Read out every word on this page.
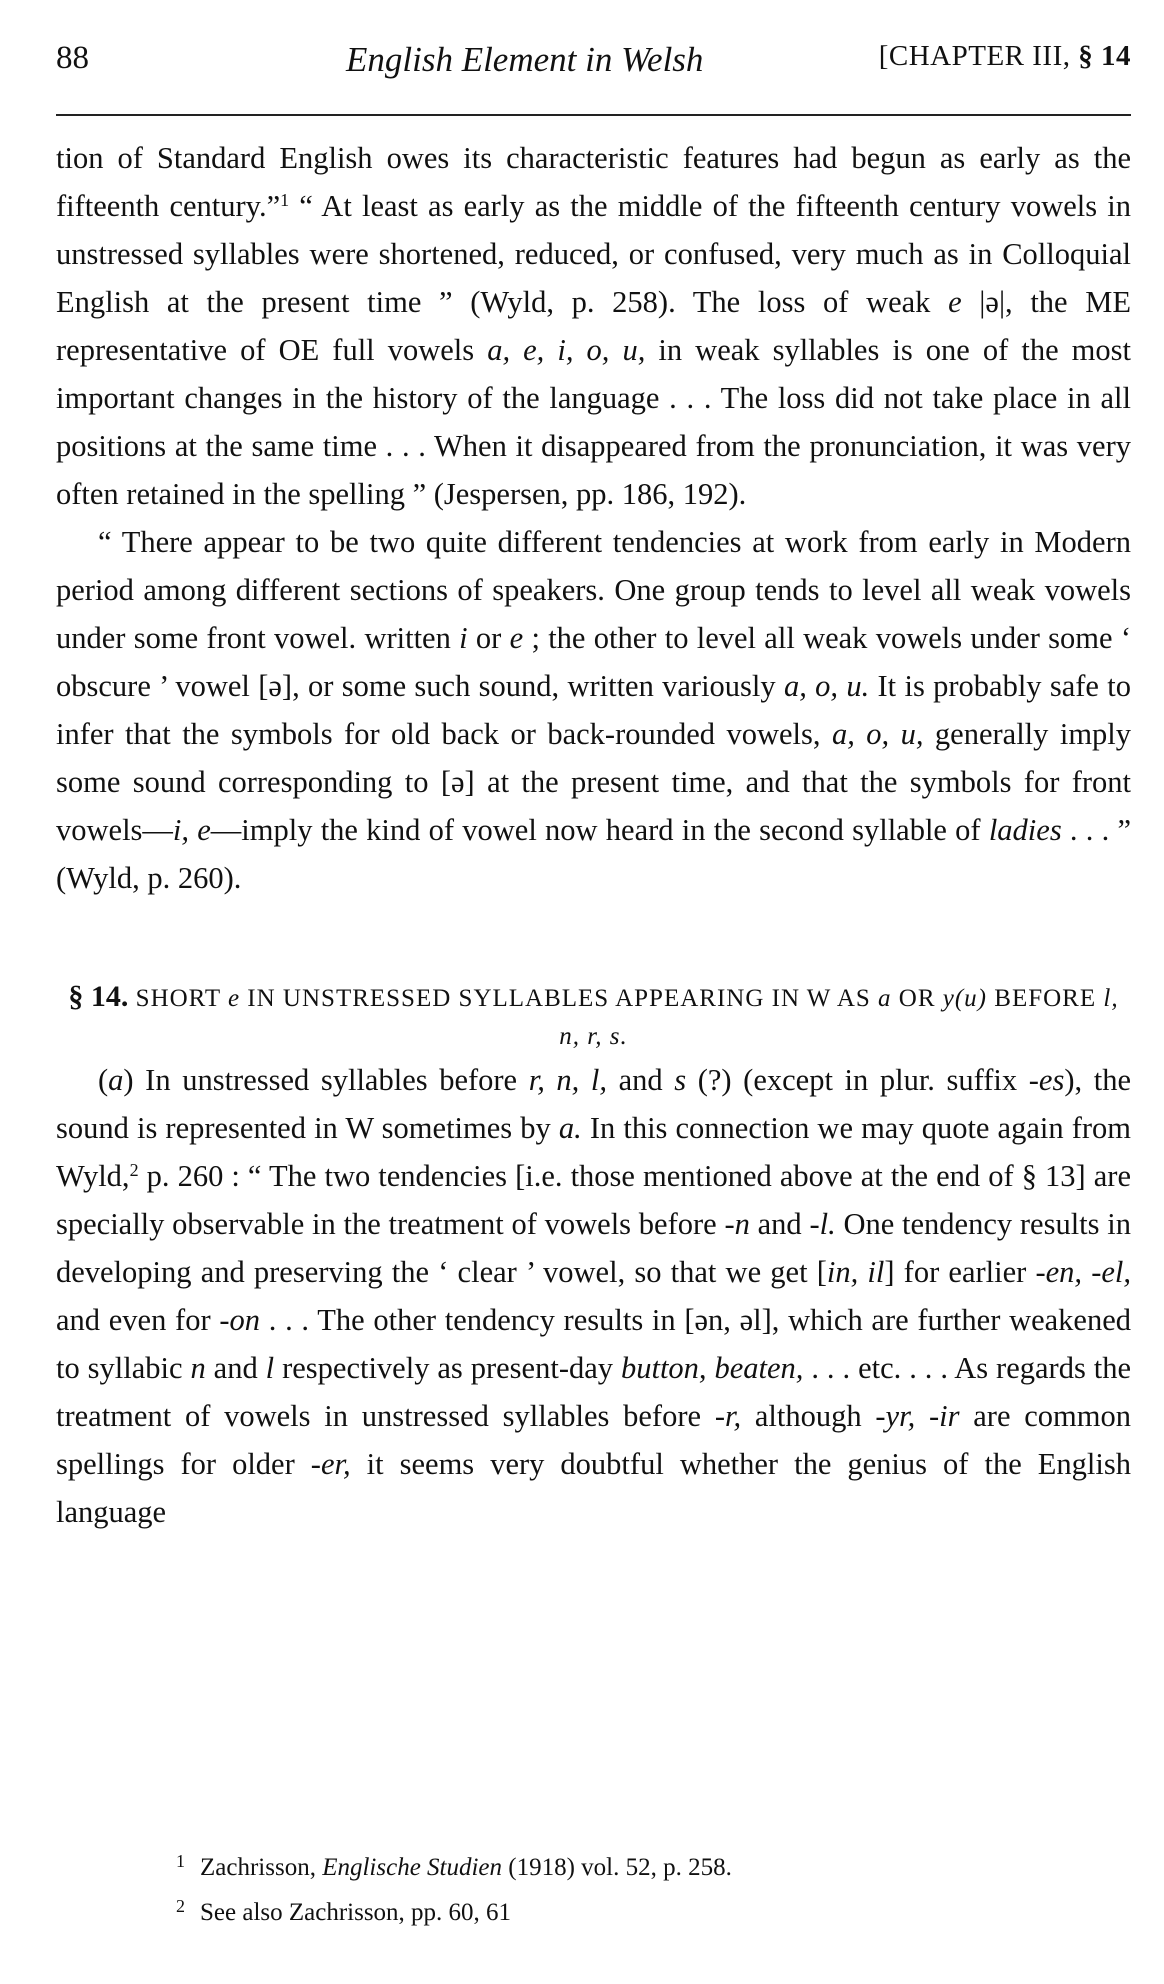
88	English Element in Welsh	[CHAPTER III, § 14

tion of Standard English owes its characteristic features had begun as early as the fifteenth century.”$^1$ “ At least as early as the middle of the fifteenth century vowels in unstressed syllables were shortened, reduced, or confused, very much as in Colloquial English at the present time ” (Wyld, p. 258). The loss of weak e |ə|, the ME representative of OE full vowels a, e, i, o, u, in weak syllables is one of the most important changes in the history of the language . . . The loss did not take place in all positions at the same time . . . When it disappeared from the pronunciation, it was very often retained in the spelling ” (Jespersen, pp. 186, 192).

“ There appear to be two quite different tendencies at work from early in Modern period among different sections of speakers. One group tends to level all weak vowels under some front vowel. written i or e ; the other to level all weak vowels under some ‘ obscure ’ vowel [ə], or some such sound, written variously a, o, u. It is probably safe to infer that the symbols for old back or back-rounded vowels, a, o, u, generally imply some sound corresponding to [ə] at the present time, and that the symbols for front vowels—i, e—imply the kind of vowel now heard in the second syllable of ladies . . . ” (Wyld, p. 260).

§ 14. SHORT e IN UNSTRESSED SYLLABLES APPEARING IN W AS a OR y(u) BEFORE l, n, r, s.

(a) In unstressed syllables before r, n, l, and s (?) (except in plur. suffix -es), the sound is represented in W sometimes by a. In this connection we may quote again from Wyld,$^2$ p. 260 : “ The two tendencies [i.e. those mentioned above at the end of § 13] are specially observable in the treatment of vowels before -n and -l. One tendency results in developing and preserving the ‘ clear ’ vowel, so that we get [in, il] for earlier -en, -el, and even for -on . . . The other tendency results in [ən, əl], which are further weakened to syllabic n and l respectively as present-day button, beaten, . . . etc. . . . As regards the treatment of vowels in unstressed syllables before -r, although -yr, -ir are common spellings for older -er, it seems very doubtful whether the genius of the English language

1 Zachrisson, Englische Studien (1918) vol. 52, p. 258.

2 See also Zachrisson, pp. 60, 61
